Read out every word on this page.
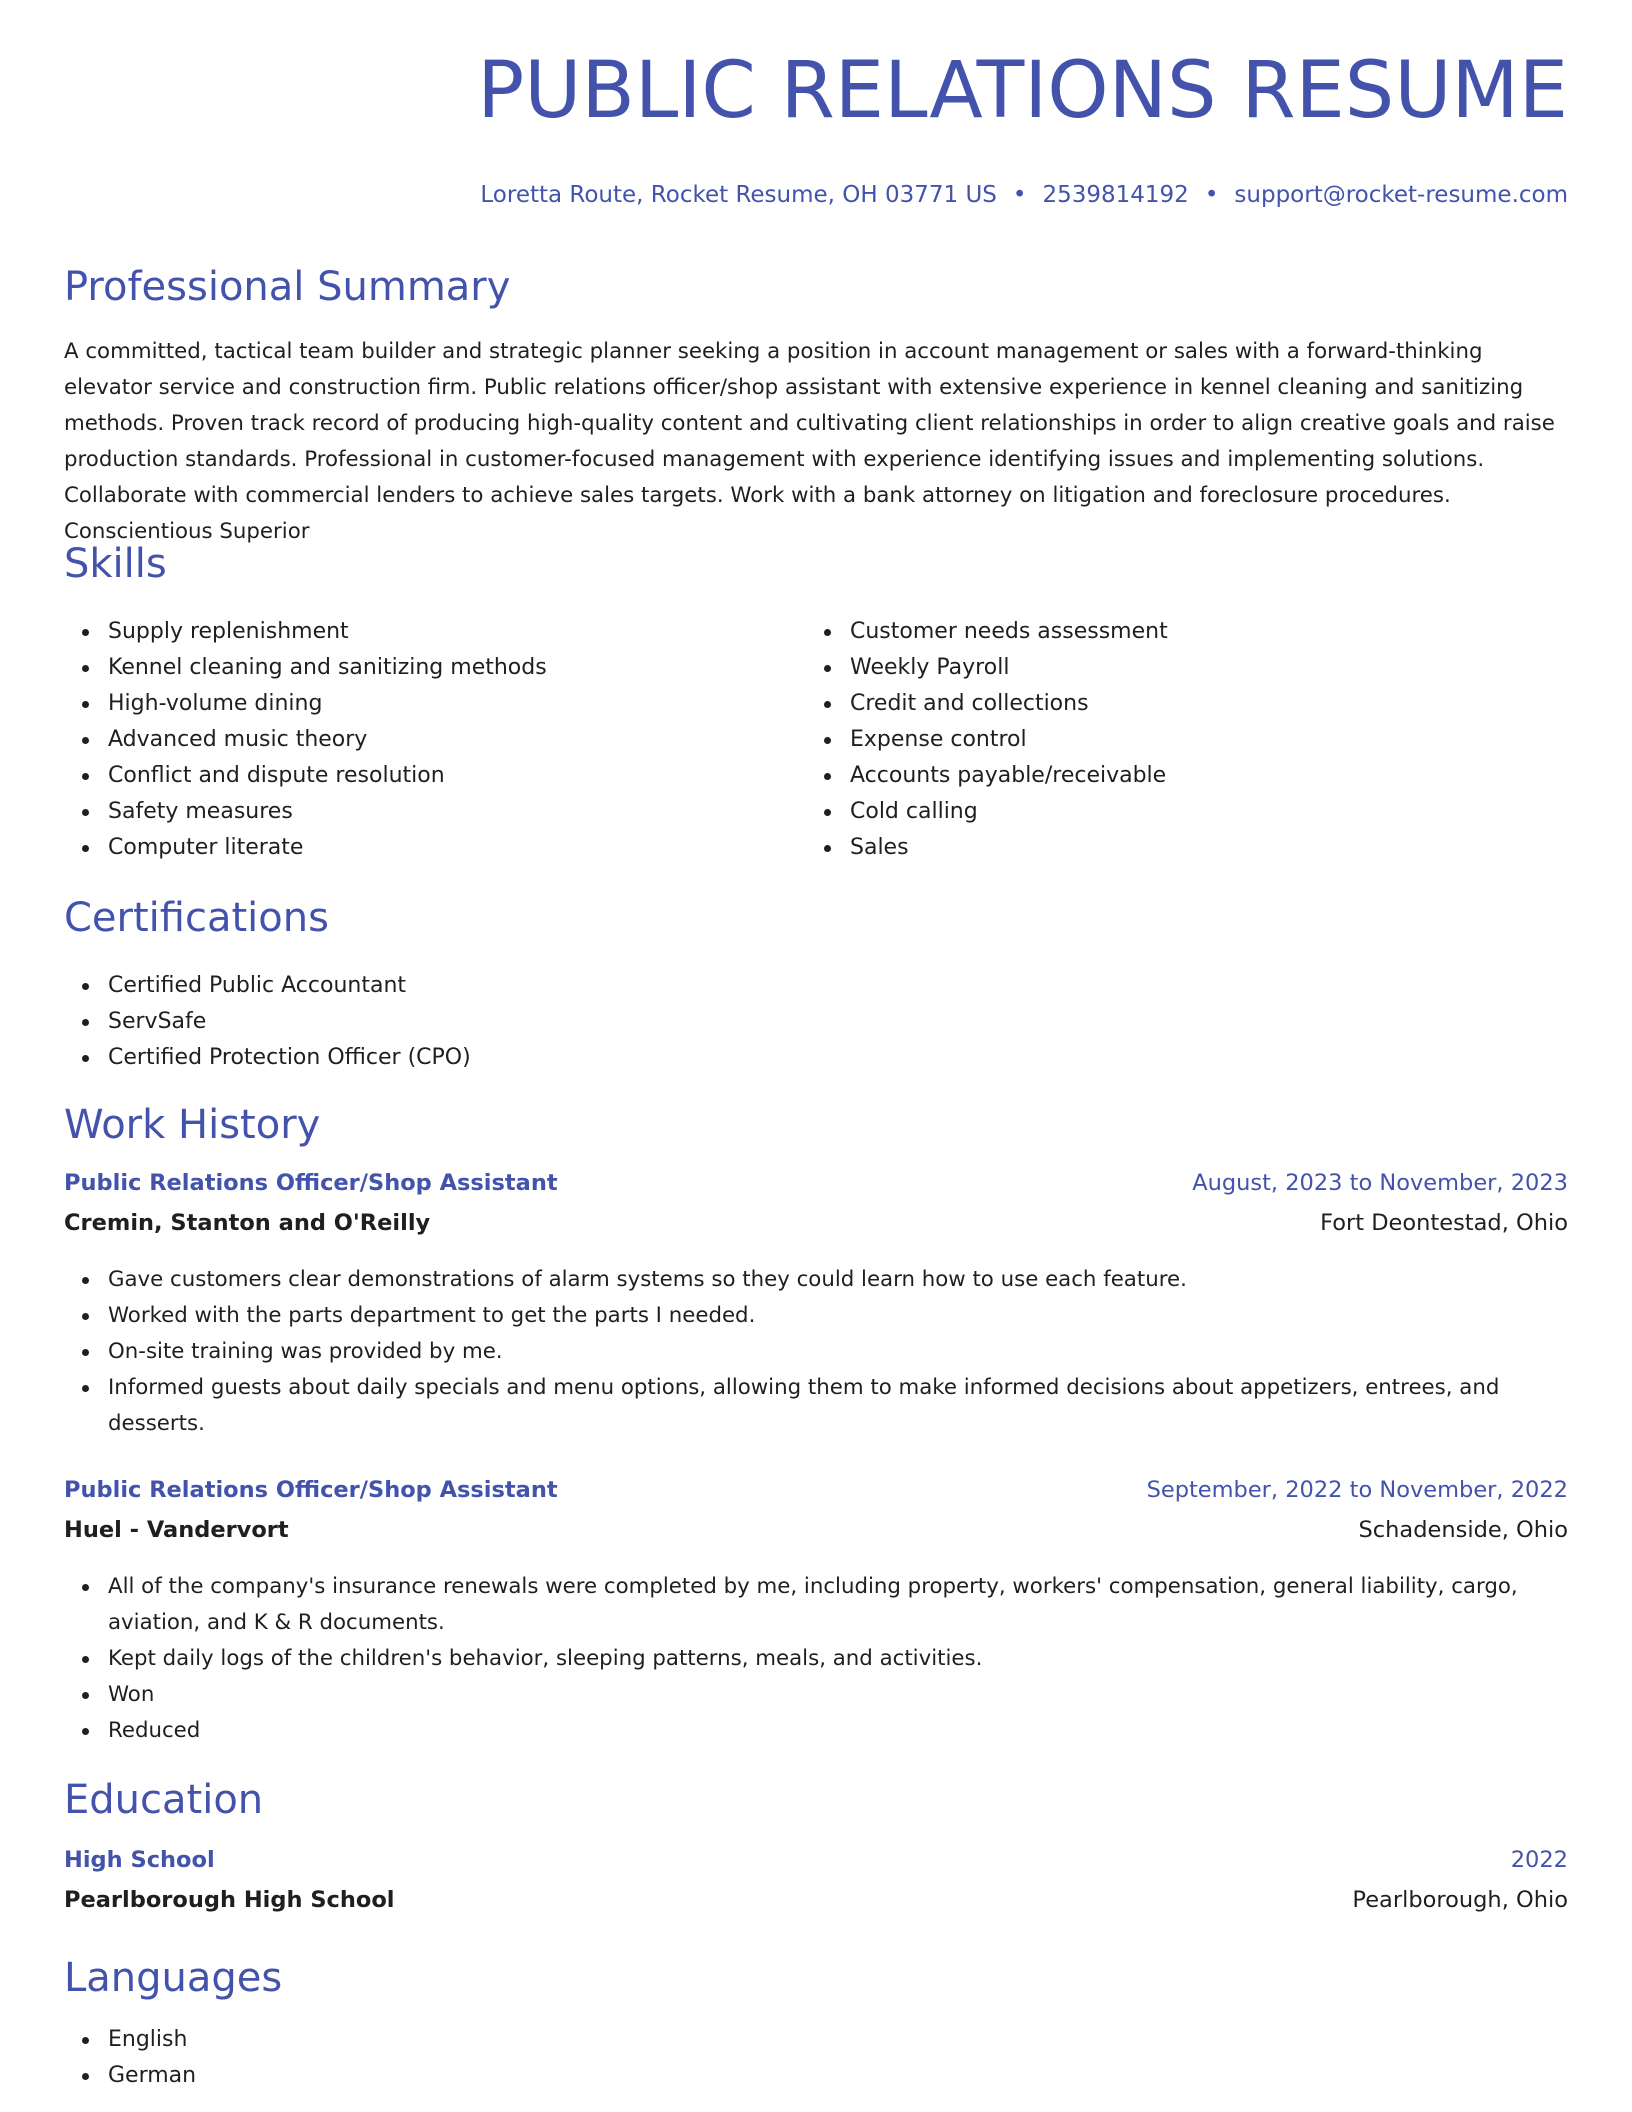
PUBLIC RELATIONS RESUME
Loretta Route, Rocket Resume, OH 03771 US • 2539814192 • support@rocket-resume.com
Professional Summary

A committed, tactical team builder and strategic planner seeking a position in account management or sales with a forward-thinking elevator service and construction firm. Public relations officer/shop assistant with extensive experience in kennel cleaning and sanitizing methods. Proven track record of producing high-quality content and cultivating client relationships in order to align creative goals and raise production standards. Professional in customer-focused management with experience identifying issues and implementing solutions. Collaborate with commercial lenders to achieve sales targets. Work with a bank attorney on litigation and foreclosure procedures. Conscientious Superior

Skills
Supply replenishment
Kennel cleaning and sanitizing methods
High-volume dining
Advanced music theory
Conflict and dispute resolution
Safety measures
Computer literate
Customer needs assessment
Weekly Payroll
Credit and collections
Expense control
Accounts payable/receivable
Cold calling
Sales
Certifications
Certified Public Accountant
ServSafe
Certified Protection Officer (CPO)
Work History
Public Relations Officer/Shop Assistant	August, 2023 to November, 2023
Cremin, Stanton and O'Reilly	Fort Deontestad, Ohio
Gave customers clear demonstrations of alarm systems so they could learn how to use each feature.
Worked with the parts department to get the parts I needed.
On-site training was provided by me.
Informed guests about daily specials and menu options, allowing them to make informed decisions about appetizers, entrees, and desserts.
Public Relations Officer/Shop Assistant	September, 2022 to November, 2022
Huel - Vandervort	Schadenside, Ohio
All of the company's insurance renewals were completed by me, including property, workers' compensation, general liability, cargo, aviation, and K & R documents.
Kept daily logs of the children's behavior, sleeping patterns, meals, and activities.
Won
Reduced
Education
High School	2022
Pearlborough High School	Pearlborough, Ohio
Languages
English
German
